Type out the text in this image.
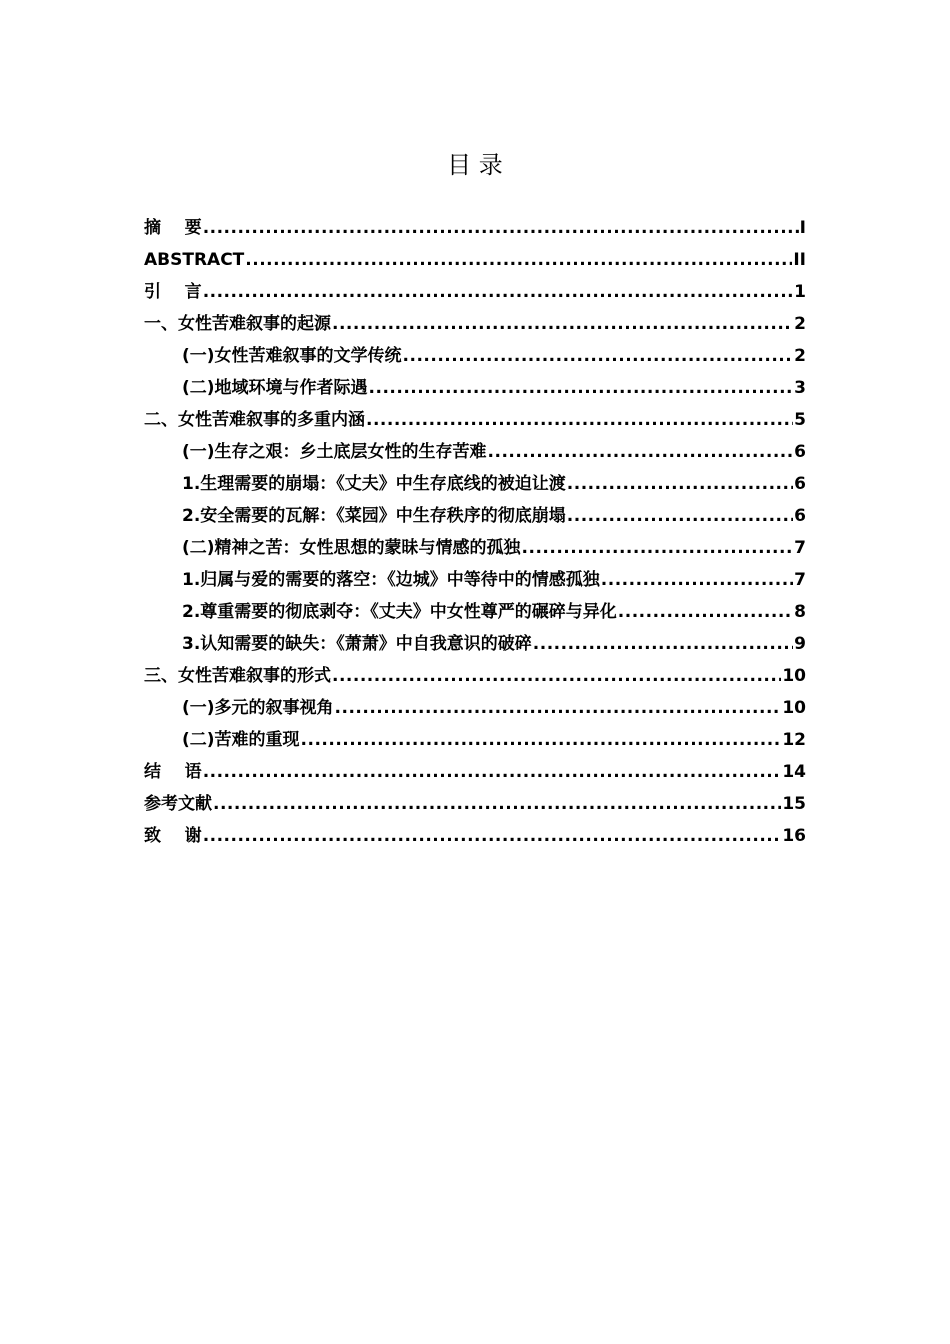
目 录
摘    要 .....	I
ABSTRACT .....	II
引    言 .....	1
一、女性苦难叙事的起源 .....	2
(一)女性苦难叙事的文学传统 .....	2
(二)地域环境与作者际遇 .....	3
二、女性苦难叙事的多重内涵 .....	5
(一)生存之艰：乡土底层女性的生存苦难 .....	6
1.生理需要的崩塌：《丈夫》中生存底线的被迫让渡 .....	6
2.安全需要的瓦解：《菜园》中生存秩序的彻底崩塌 .....	6
(二)精神之苦：女性思想的蒙昧与情感的孤独 .....	7
1.归属与爱的需要的落空：《边城》中等待中的情感孤独 .....	7
2.尊重需要的彻底剥夺：《丈夫》中女性尊严的碾碎与异化 .....	8
3.认知需要的缺失：《萧萧》中自我意识的破碎 .....	9
三、女性苦难叙事的形式 .....	10
(一)多元的叙事视角 .....	10
(二)苦难的重现 .....	12
结    语 .....	14
参考文献 .....	15
致    谢 .....	16
